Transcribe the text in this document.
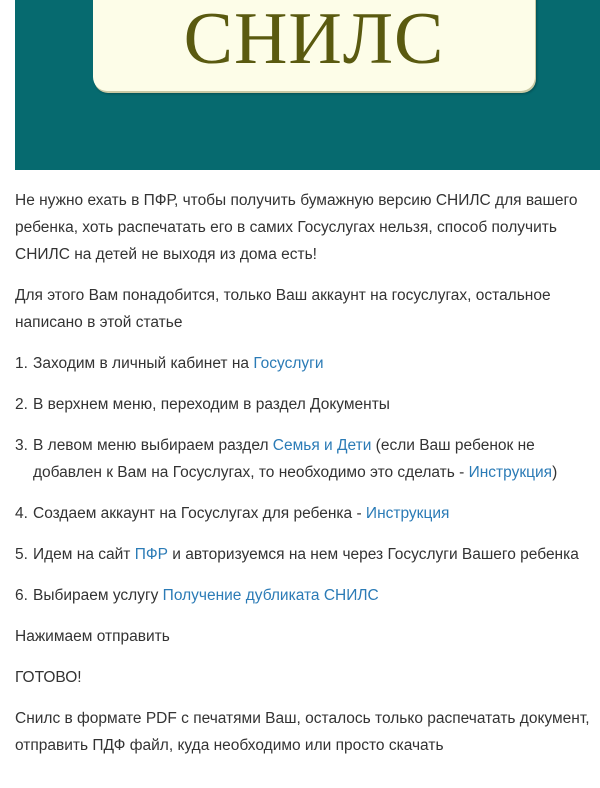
СНИЛС

Не нужно ехать в ПФР, чтобы получить бумажную версию СНИЛС для вашего ребенка, хоть распечатать его в самих Госуслугах нельзя, способ получить СНИЛС на детей не выходя из дома есть!

Для этого Вам понадобится, только Ваш аккаунт на госуслугах, остальное написано в этой статье

1. Заходим в личный кабинет на Госуслуги
2. В верхнем меню, переходим в раздел Документы
3. В левом меню выбираем раздел Семья и Дети (если Ваш ребенок не добавлен к Вам на Госуслугах, то необходимо это сделать - Инструкция)
4. Создаем аккаунт на Госуслугах для ребенка - Инструкция
5. Идем на сайт ПФР и авторизуемся на нем через Госуслуги Вашего ребенка
6. Выбираем услугу Получение дубликата СНИЛС

Нажимаем отправить

ГОТОВО!

Снилс в формате PDF с печатями Ваш, осталось только распечатать документ, отправить ПДФ файл, куда необходимо или просто скачать
